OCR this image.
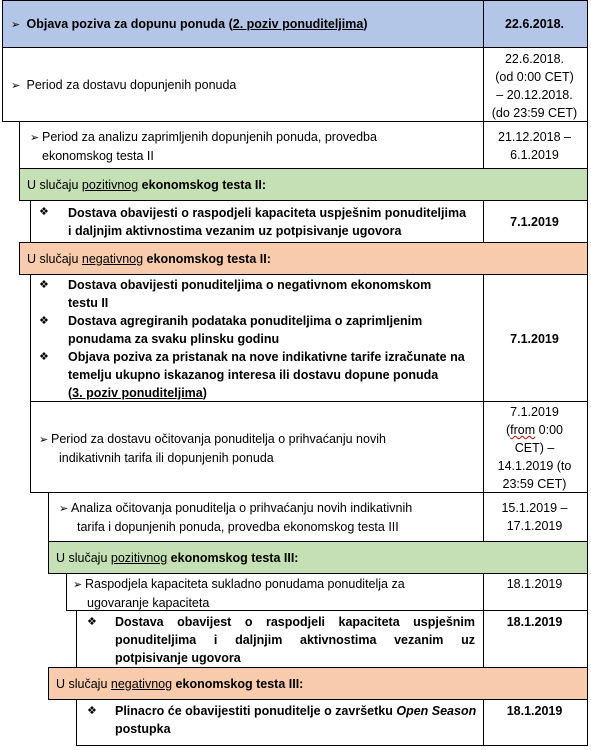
➢ Objava poziva za dopunu ponuda (2. poziv ponuditeljima)	22.6.2018.
➢ Period za dostavu dopunjenih ponuda
22.6.2018.
(od 0:00 CET)
– 20.12.2018.
(do 23:59 CET)
➢ Period za analizu zaprimljenih dopunjenih ponuda, provedba
ekonomskog testa II
21.12.2018 –
6.1.2019
U slučaju pozitivnog ekonomskog testa II:
❖ Dostava obavijesti o raspodjeli kapaciteta uspješnim ponuditeljima
i daljnjim aktivnostima vezanim uz potpisivanje ugovora
7.1.2019
U slučaju negativnog ekonomskog testa II:
❖
❖
❖
Dostava obavijesti ponuditeljima o negativnom ekonomskom
testu II
Dostava agregiranih podataka ponuditeljima o zaprimljenim
ponudama za svaku plinsku godinu
Objava poziva za pristanak na nove indikativne tarife izračunate na
temelju ukupno iskazanog interesa ili dostavu dopune ponuda
(3. poziv ponuditeljima)
7.1.2019
➢ Period za dostavu očitovanja ponuditelja o prihvaćanju novih
indikativnih tarifa ili dopunjenih ponuda
7.1.2019
(from 0:00
CET) –
14.1.2019 (to
23:59 CET)
➢ Analiza očitovanja ponuditelja o prihvaćanju novih indikativnih
tarifa i dopunjenih ponuda, provedba ekonomskog testa III
15.1.2019 –
17.1.2019
U slučaju pozitivnog ekonomskog testa III:
➢ Raspodjela kapaciteta sukladno ponudama ponuditelja za
ugovaranje kapaciteta
18.1.2019
❖ Dostava obavijest o raspodjeli kapaciteta uspješnim
ponuditeljima i daljnjim aktivnostima vezanim uz
potpisivanje ugovora
18.1.2019
U slučaju negativnog ekonomskog testa III:
❖ Plinacro će obavijestiti ponuditelje o završetku Open Season
postupka
18.1.2019
